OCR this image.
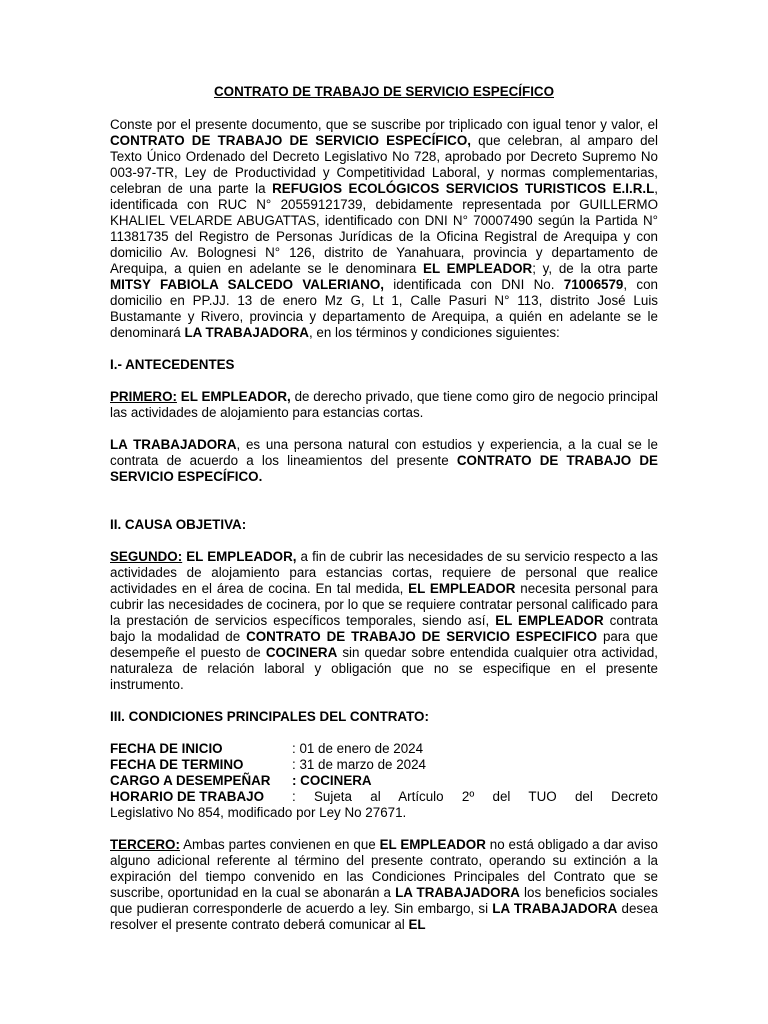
CONTRATO DE TRABAJO DE SERVICIO ESPECÍFICO

Conste por el presente documento, que se suscribe por triplicado con igual tenor y valor, el CONTRATO DE TRABAJO DE SERVICIO ESPECÍFICO, que celebran, al amparo del Texto Único Ordenado del Decreto Legislativo No 728, aprobado por Decreto Supremo No 003-97-TR, Ley de Productividad y Competitividad Laboral, y normas complementarias, celebran de una parte la REFUGIOS ECOLÓGICOS SERVICIOS TURISTICOS E.I.R.L, identificada con RUC N° 20559121739, debidamente representada por GUILLERMO KHALIEL VELARDE ABUGATTAS, identificado con DNI N° 70007490 según la Partida N° 11381735 del Registro de Personas Jurídicas de la Oficina Registral de Arequipa y con domicilio Av. Bolognesi N° 126, distrito de Yanahuara, provincia y departamento de Arequipa, a quien en adelante se le denominara EL EMPLEADOR; y, de la otra parte MITSY FABIOLA SALCEDO VALERIANO, identificada con DNI No. 71006579, con domicilio en PP.JJ. 13 de enero Mz G, Lt 1, Calle Pasuri N° 113, distrito José Luis Bustamante y Rivero, provincia y departamento de Arequipa, a quién en adelante se le denominará LA TRABAJADORA, en los términos y condiciones siguientes:

I.- ANTECEDENTES

PRIMERO: EL EMPLEADOR, de derecho privado, que tiene como giro de negocio principal las actividades de alojamiento para estancias cortas.

LA TRABAJADORA, es una persona natural con estudios y experiencia, a la cual se le contrata de acuerdo a los lineamientos del presente CONTRATO DE TRABAJO DE SERVICIO ESPECÍFICO.

II. CAUSA OBJETIVA:

SEGUNDO: EL EMPLEADOR, a fin de cubrir las necesidades de su servicio respecto a las actividades de alojamiento para estancias cortas, requiere de personal que realice actividades en el área de cocina. En tal medida, EL EMPLEADOR necesita personal para cubrir las necesidades de cocinera, por lo que se requiere contratar personal calificado para la prestación de servicios específicos temporales, siendo así, EL EMPLEADOR contrata bajo la modalidad de CONTRATO DE TRABAJO DE SERVICIO ESPECIFICO para que desempeñe el puesto de COCINERA sin quedar sobre entendida cualquier otra actividad, naturaleza de relación laboral y obligación que no se especifique en el presente instrumento.

III. CONDICIONES PRINCIPALES DEL CONTRATO:

FECHA DE INICIO	: 01 de enero de 2024
FECHA DE TERMINO	: 31 de marzo de 2024
CARGO A DESEMPEÑAR	: COCINERA
HORARIO DE TRABAJO	: Sujeta al Artículo 2º del TUO del Decreto
Legislativo No 854, modificado por Ley No 27671.

TERCERO: Ambas partes convienen en que EL EMPLEADOR no está obligado a dar aviso alguno adicional referente al término del presente contrato, operando su extinción a la expiración del tiempo convenido en las Condiciones Principales del Contrato que se suscribe, oportunidad en la cual se abonarán a LA TRABAJADORA los beneficios sociales que pudieran corresponderle de acuerdo a ley. Sin embargo, si LA TRABAJADORA desea resolver el presente contrato deberá comunicar al EL
